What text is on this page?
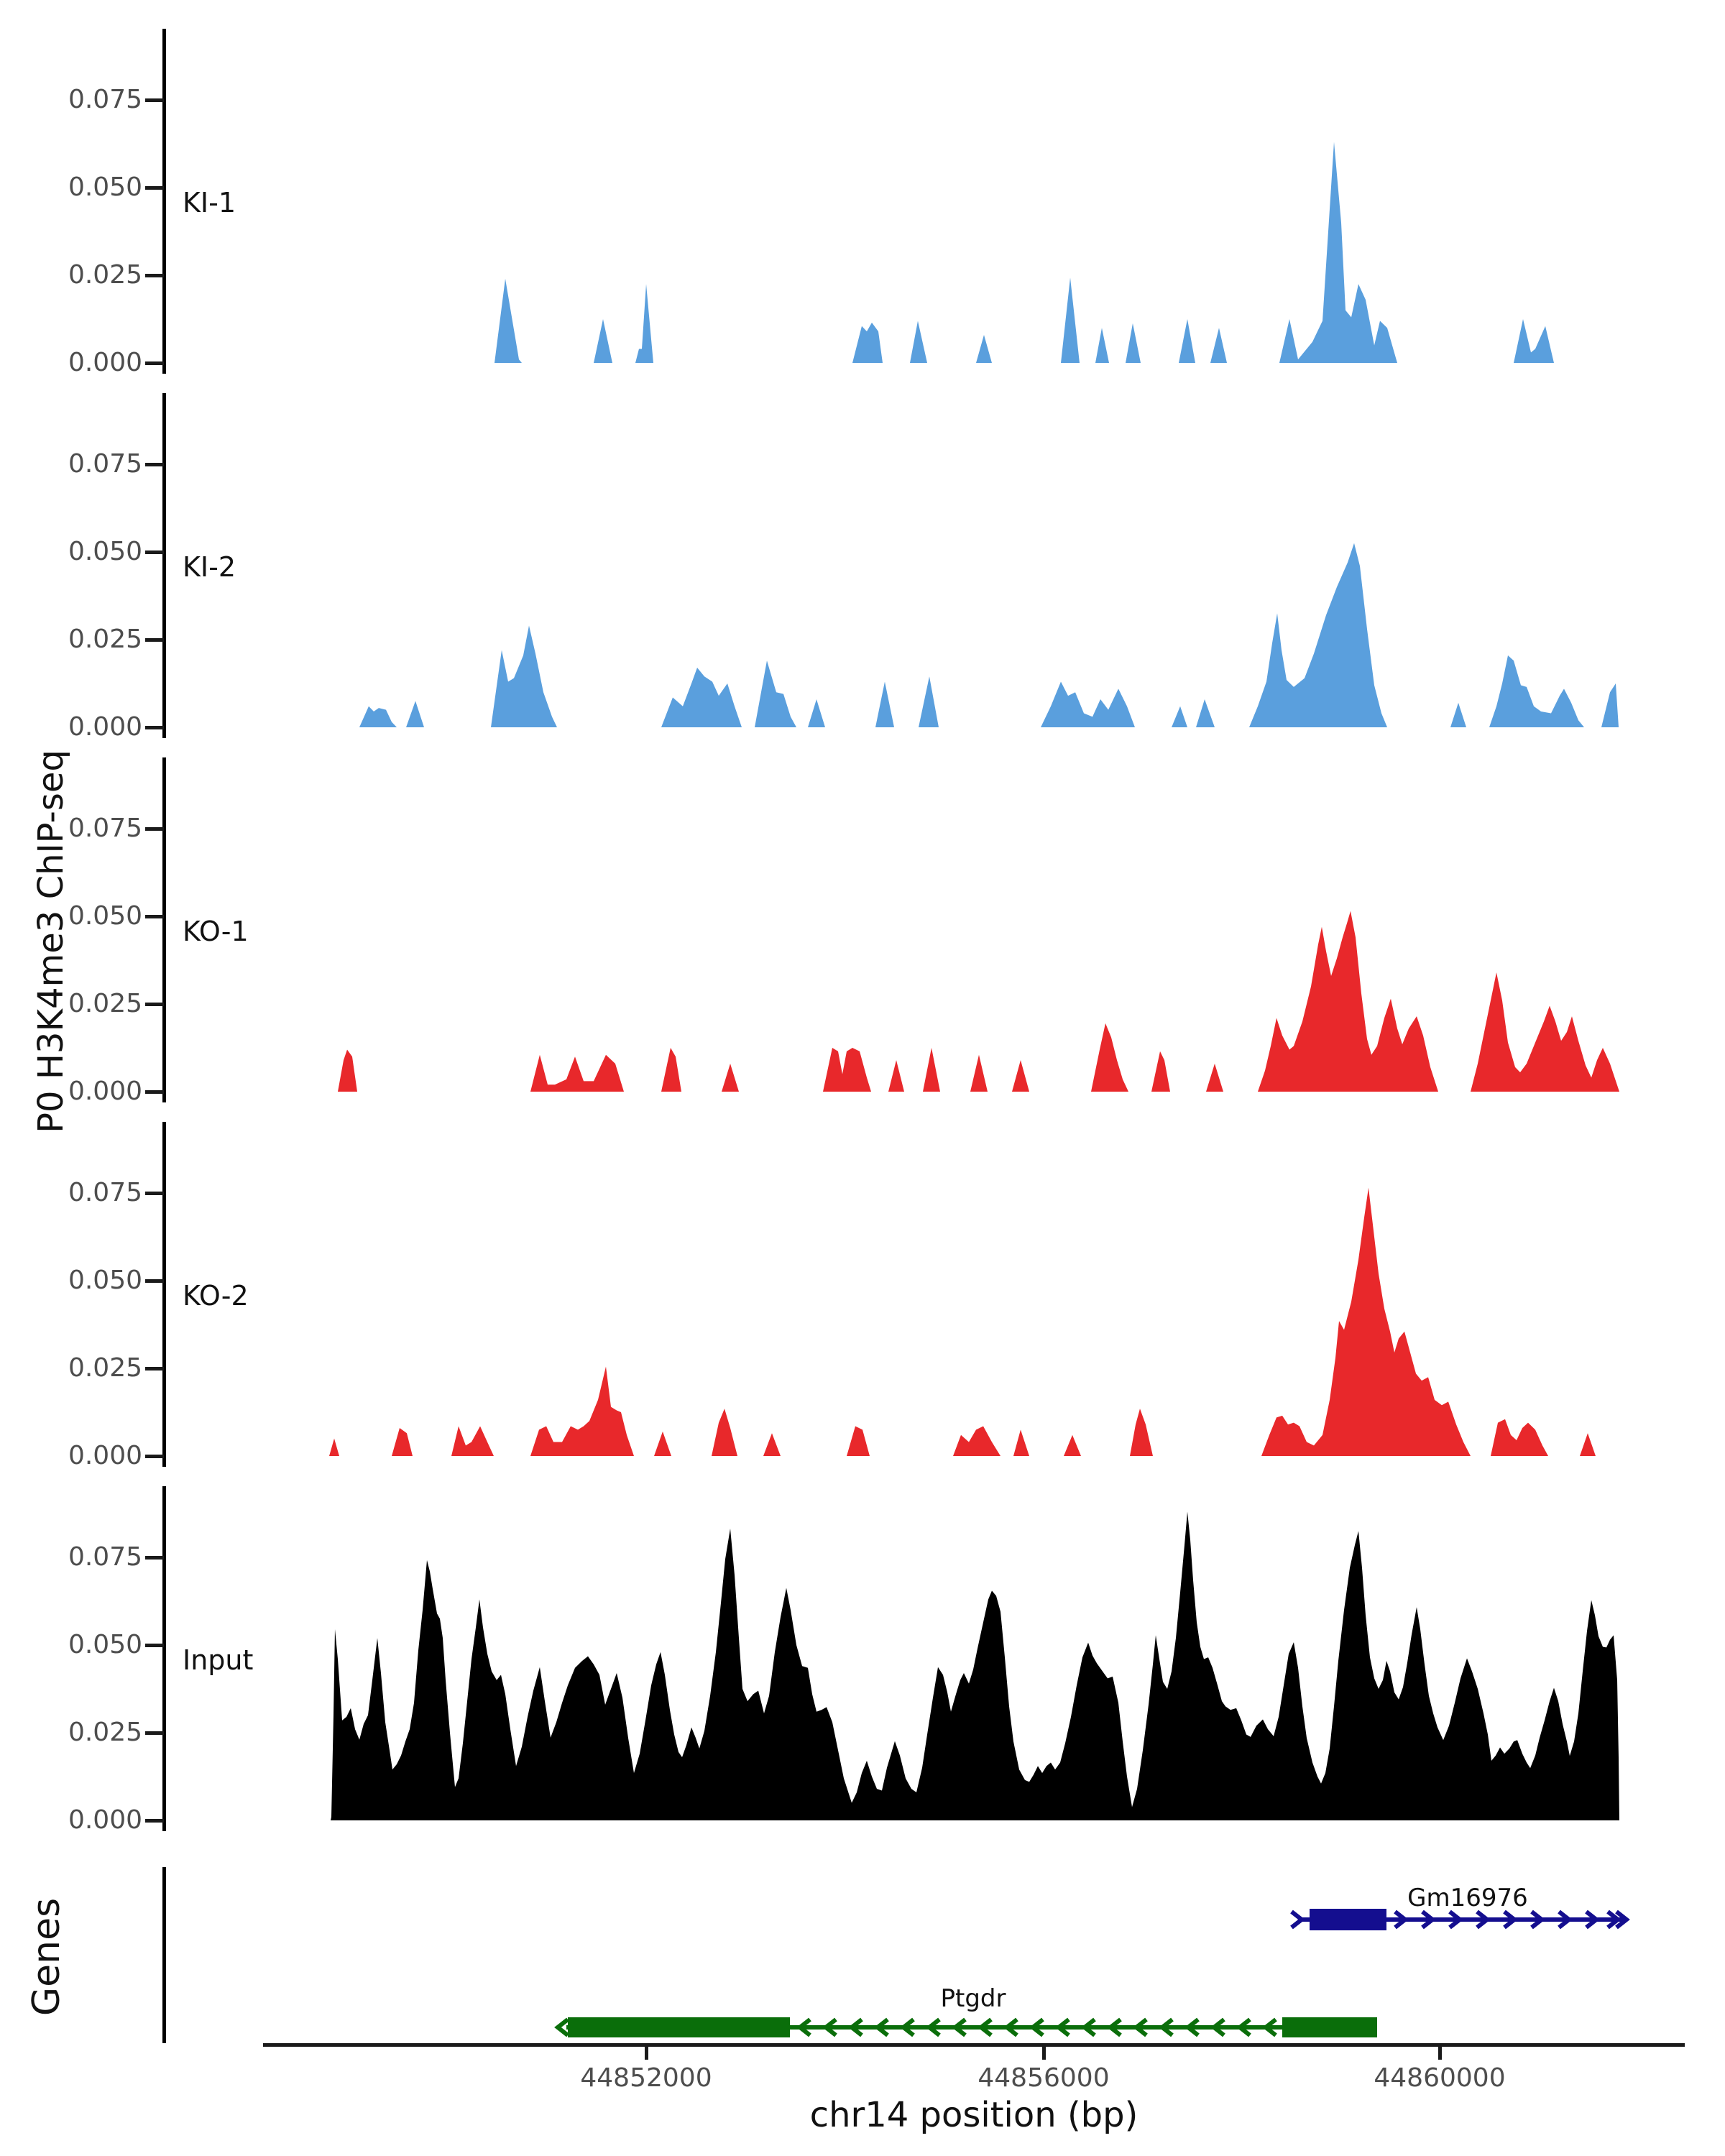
P0 H3K4me3 ChIP-seq
Genes
0.000
0.025
0.050
0.075
KI-1
0.000
0.025
0.050
0.075
KI-2
0.000
0.025
0.050
0.075
KO-1
0.000
0.025
0.050
0.075
KO-2
0.000
0.025
0.050
0.075
Input
Gm16976
Ptgdr
chr14 position (bp)
44852000	44856000	44860000
